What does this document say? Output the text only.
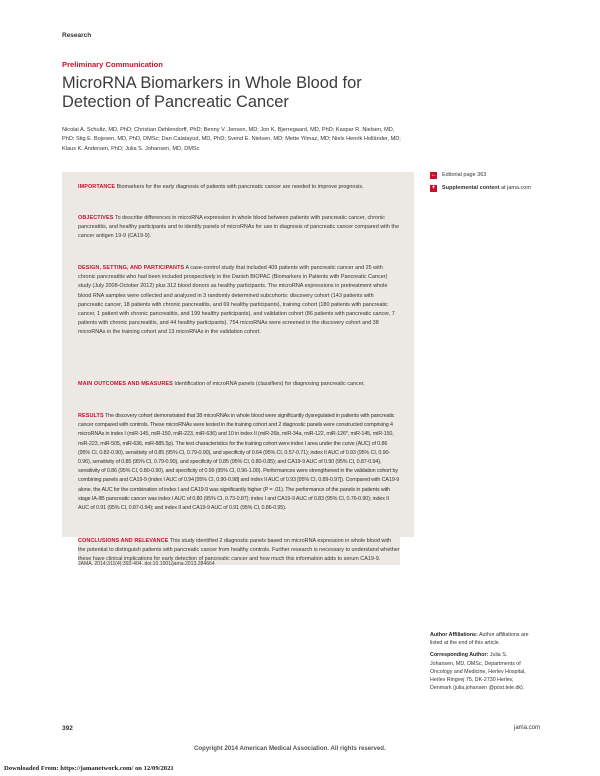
Research
Preliminary Communication
MicroRNA Biomarkers in Whole Blood for Detection of Pancreatic Cancer
Nicolai A. Schultz, MD, PhD; Christian Dehlendorff, PhD; Benny V. Jensen, MD; Jon K. Bjerregaard, MD, PhD; Kaspar R. Nielsen, MD, PhD; Stig E. Bojesen, MD, PhD, DMSc; Dan Calatayud, MD, PhD; Svend E. Nielsen, MD; Mette Yilmaz, MD; Niels Henrik Holländer, MD; Klaus K. Andersen, PhD; Julia S. Johansen, MD, DMSc
IMPORTANCE Biomarkers for the early diagnosis of patients with pancreatic cancer are needed to improve prognosis.
OBJECTIVES To describe differences in microRNA expression in whole blood between patients with pancreatic cancer, chronic pancreatitis, and healthy participants and to identify panels of microRNAs for use in diagnosis of pancreatic cancer compared with the cancer antigen 19-9 (CA19-9).
DESIGN, SETTING, AND PARTICIPANTS A case-control study that included 409 patients with pancreatic cancer and 25 with chronic pancreatitis who had been included prospectively in the Danish BIOPAC (Biomarkers in Patients with Pancreatic Cancer) study (July 2008-October 2012) plus 312 blood donors as healthy participants. The microRNA expressions in pretreatment whole blood RNA samples were collected and analyzed in 3 randomly determined subcohorts: discovery cohort (143 patients with pancreatic cancer, 18 patients with chronic pancreatitis, and 69 healthy participants), training cohort (180 patients with pancreatic cancer, 1 patient with chronic pancreatitis, and 199 healthy participants), and validation cohort (86 patients with pancreatic cancer, 7 patients with chronic pancreatitis, and 44 healthy participants). 754 microRNAs were screened in the discovery cohort and 38 microRNAs in the training cohort and 13 microRNAs in the validation cohort.
MAIN OUTCOMES AND MEASURES Identification of microRNA panels (classifiers) for diagnosing pancreatic cancer.
RESULTS The discovery cohort demonstrated that 38 microRNAs in whole blood were significantly dysregulated in patients with pancreatic cancer compared with controls. These microRNAs were tested in the training cohort and 2 diagnostic panels were constructed comprising 4 microRNAs in index I (miR-145, miR-150, miR-223, miR-636) and 10 in index II (miR-26b, miR-34a, miR-122, miR-126*, miR-145, miR-150, miR-223, miR-505, miR-636, miR-885.5p). The test characteristics for the training cohort were index I area under the curve (AUC) of 0.86 (95% CI, 0.82-0.90), sensitivity of 0.85 (95% CI, 0.79-0.90), and specificity of 0.64 (95% CI, 0.57-0.71); index II AUC of 0.93 (95% CI, 0.90-0.96), sensitivity of 0.85 (95% CI, 0.79-0.90), and specificity of 0.85 (95% CI, 0.80-0.85); and CA19-9 AUC of 0.90 (95% CI, 0.87-0.94), sensitivity of 0.86 (95% CI, 0.80-0.90), and specificity of 0.99 (95% CI, 0.96-1.00). Performances were strengthened in the validation cohort by combining panels and CA19-9 (index I AUC of 0.94 [95% CI, 0.90-0.98] and index II AUC of 0.93 [95% CI, 0.89-0.97]). Compared with CA19-9 alone, the AUC for the combination of index I and CA19-9 was significantly higher (P = .01). The performance of the panels in patients with stage IA-IIB pancreatic cancer was index I AUC of 0.80 (95% CI, 0.73-0.87); index I and CA19-9 AUC of 0.83 (95% CI, 0.76-0.90); index II AUC of 0.91 (95% CI, 0.87-0.94); and index II and CA19-9 AUC of 0.91 (95% CI, 0.86-0.95).
CONCLUSIONS AND RELEVANCE This study identified 2 diagnostic panels based on microRNA expression in whole blood with the potential to distinguish patients with pancreatic cancer from healthy controls. Further research is necessary to understand whether these have clinical implications for early detection of pancreatic cancer and how much this information adds to serum CA19-9.
JAMA. 2014;311(4):392-404. doi:10.1001/jama.2013.284664
← Editorial page 363
+	Supplemental content at jama.com
Author Affiliations: Author affiliations are listed at the end of this article.
Corresponding Author: Julia S. Johansen, MD, DMSc, Departments of Oncology and Medicine, Herlev Hospital, Herlev Ringvej 75, DK-2730 Herlev, Denmark (julia.johansen @post.tele.dk).
392	jama.com
Copyright 2014 American Medical Association. All rights reserved.
Downloaded From: https://jamanetwork.com/ on 12/09/2021
